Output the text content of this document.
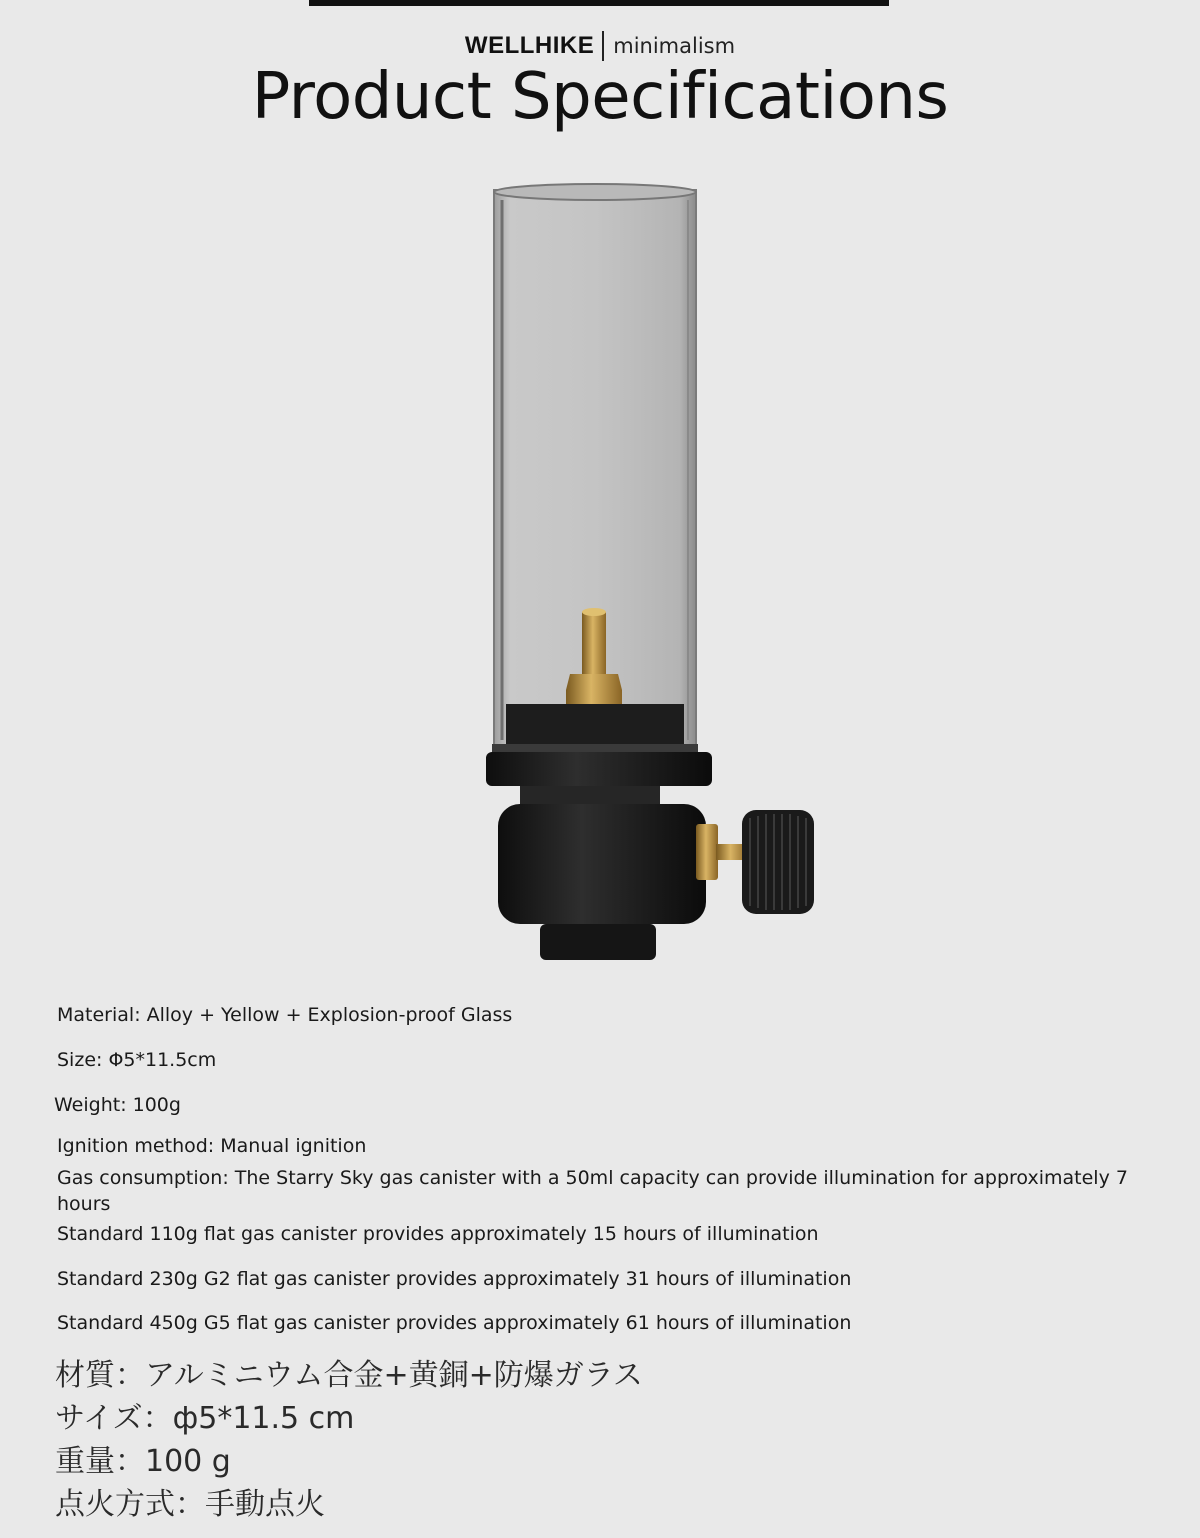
WELLHIKE minimalism
Product Specifications
Material: Alloy + Yellow + Explosion-proof Glass
Size: Φ5*11.5cm
Weight: 100g
Ignition method: Manual ignition
Gas consumption: The Starry Sky gas canister with a 50ml capacity can provide illumination for approximately 7 hours
Standard 110g flat gas canister provides approximately 15 hours of illumination
Standard 230g G2 flat gas canister provides approximately 31 hours of illumination
Standard 450g G5 flat gas canister provides approximately 61 hours of illumination
材質：アルミニウム合金+黄銅+防爆ガラス
サイズ：ф5*11.5 cm
重量：100 g
点火方式：手動点火
